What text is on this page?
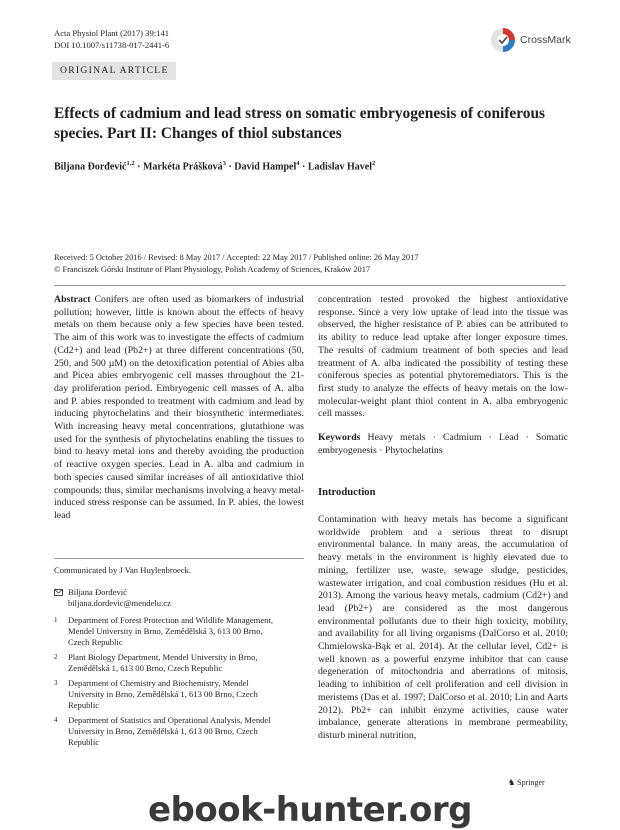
Acta Physiol Plant (2017) 39:141
DOI 10.1007/s11738-017-2441-6	CrossMark
ORIGINAL ARTICLE
Effects of cadmium and lead stress on somatic embryogenesis of coniferous species. Part II: Changes of thiol substances
Biljana Đorđević$^{1,2}$ · Markéta Prášková$^3$ · David Hampel$^4$ · Ladislav Havel$^2$
Received: 5 October 2016 / Revised: 8 May 2017 / Accepted: 22 May 2017 / Published online: 26 May 2017
© Franciszek Górski Institute of Plant Physiology, Polish Academy of Sciences, Kraków 2017

Abstract Conifers are often used as biomarkers of industrial pollution; however, little is known about the effects of heavy metals on them because only a few species have been tested. The aim of this work was to investigate the effects of cadmium (Cd2+) and lead (Pb2+) at three different concentrations (50, 250, and 500 µM) on the detoxification potential of Abies alba and Picea abies embryogenic cell masses throughout the 21-day proliferation period. Embryogenic cell masses of A. alba and P. abies responded to treatment with cadmium and lead by inducing phytochelatins and their biosynthetic intermediates. With increasing heavy metal concentrations, glutathione was used for the synthesis of phytochelatins enabling the tissues to bind to heavy metal ions and thereby avoiding the production of reactive oxygen species. Lead in A. alba and cadmium in both species caused similar increases of all antioxidative thiol compounds; thus, similar mechanisms involving a heavy metal-induced stress response can be assumed. In P. abies, the lowest lead

Communicated by J Van Huylenbroeck.
Biljana Đorđević
biljana.dordevic@mendelu.cz
1 Department of Forest Protection and Wildlife Management, Mendel University in Brno, Zemědělská 3, 613 00 Brno, Czech Republic
2 Plant Biology Department, Mendel University in Brno, Zemědělská 1, 613 00 Brno, Czech Republic
3 Department of Chemistry and Biochemistry, Mendel University in Brno, Zemědělská 1, 613 00 Brno, Czech Republic
4 Department of Statistics and Operational Analysis, Mendel University in Brno, Zemědělská 1, 613 00 Brno, Czech Republic
concentration tested provoked the highest antioxidative response. Since a very low uptake of lead into the tissue was observed, the higher resistance of P. abies can be attributed to its ability to reduce lead uptake after longer exposure times. The results of cadmium treatment of both species and lead treatment of A. alba indicated the possibility of testing these coniferous species as potential phytoremediators. This is the first study to analyze the effects of heavy metals on the low-molecular-weight plant thiol content in A. alba embryogenic cell masses.

Keywords Heavy metals · Cadmium · Lead · Somatic embryogenesis · Phytochelatins

Introduction
Contamination with heavy metals has become a significant worldwide problem and a serious threat to disrupt environmental balance. In many areas, the accumulation of heavy metals in the environment is highly elevated due to mining, fertilizer use, waste, sewage sludge, pesticides, wastewater irrigation, and coal combustion residues (Hu et al. 2013). Among the various heavy metals, cadmium (Cd2+) and lead (Pb2+) are considered as the most dangerous environmental pollutants due to their high toxicity, mobility, and availability for all living organisms (DalCorso et al. 2010; Chmielowska-Bąk et al. 2014). At the cellular level, Cd2+ is well known as a powerful enzyme inhibitor that can cause degeneration of mitochondria and aberrations of mitosis, leading to inhibition of cell proliferation and cell division in meristems (Das et al. 1997; DalCorso et al. 2010; Lin and Aarts 2012). Pb2+ can inhibit enzyme activities, cause water imbalance, generate alterations in membrane permeability, disturb mineral nutrition,
♞ Springer
ebook-hunter.org
